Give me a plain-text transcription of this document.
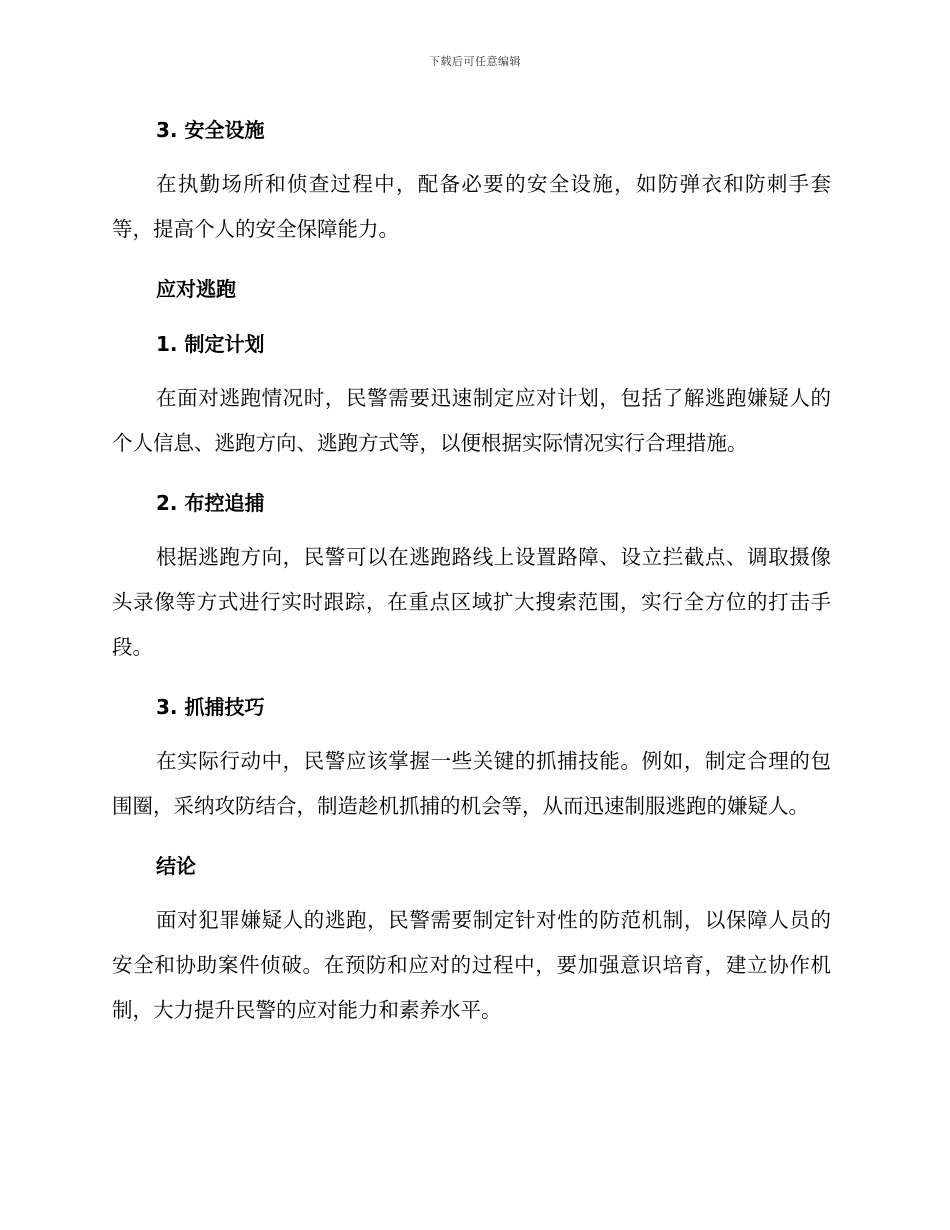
下载后可任意编辑
3. 安全设施

在执勤场所和侦查过程中，配备必要的安全设施，如防弹衣和防刺手套等，提高个人的安全保障能力。

应对逃跑
1. 制定计划

在面对逃跑情况时，民警需要迅速制定应对计划，包括了解逃跑嫌疑人的个人信息、逃跑方向、逃跑方式等，以便根据实际情况实行合理措施。

2. 布控追捕

根据逃跑方向，民警可以在逃跑路线上设置路障、设立拦截点、调取摄像头录像等方式进行实时跟踪，在重点区域扩大搜索范围，实行全方位的打击手段。

3. 抓捕技巧

在实际行动中，民警应该掌握一些关键的抓捕技能。例如，制定合理的包围圈，采纳攻防结合，制造趁机抓捕的机会等，从而迅速制服逃跑的嫌疑人。

结论

面对犯罪嫌疑人的逃跑，民警需要制定针对性的防范机制，以保障人员的安全和协助案件侦破。在预防和应对的过程中，要加强意识培育，建立协作机制，大力提升民警的应对能力和素养水平。
